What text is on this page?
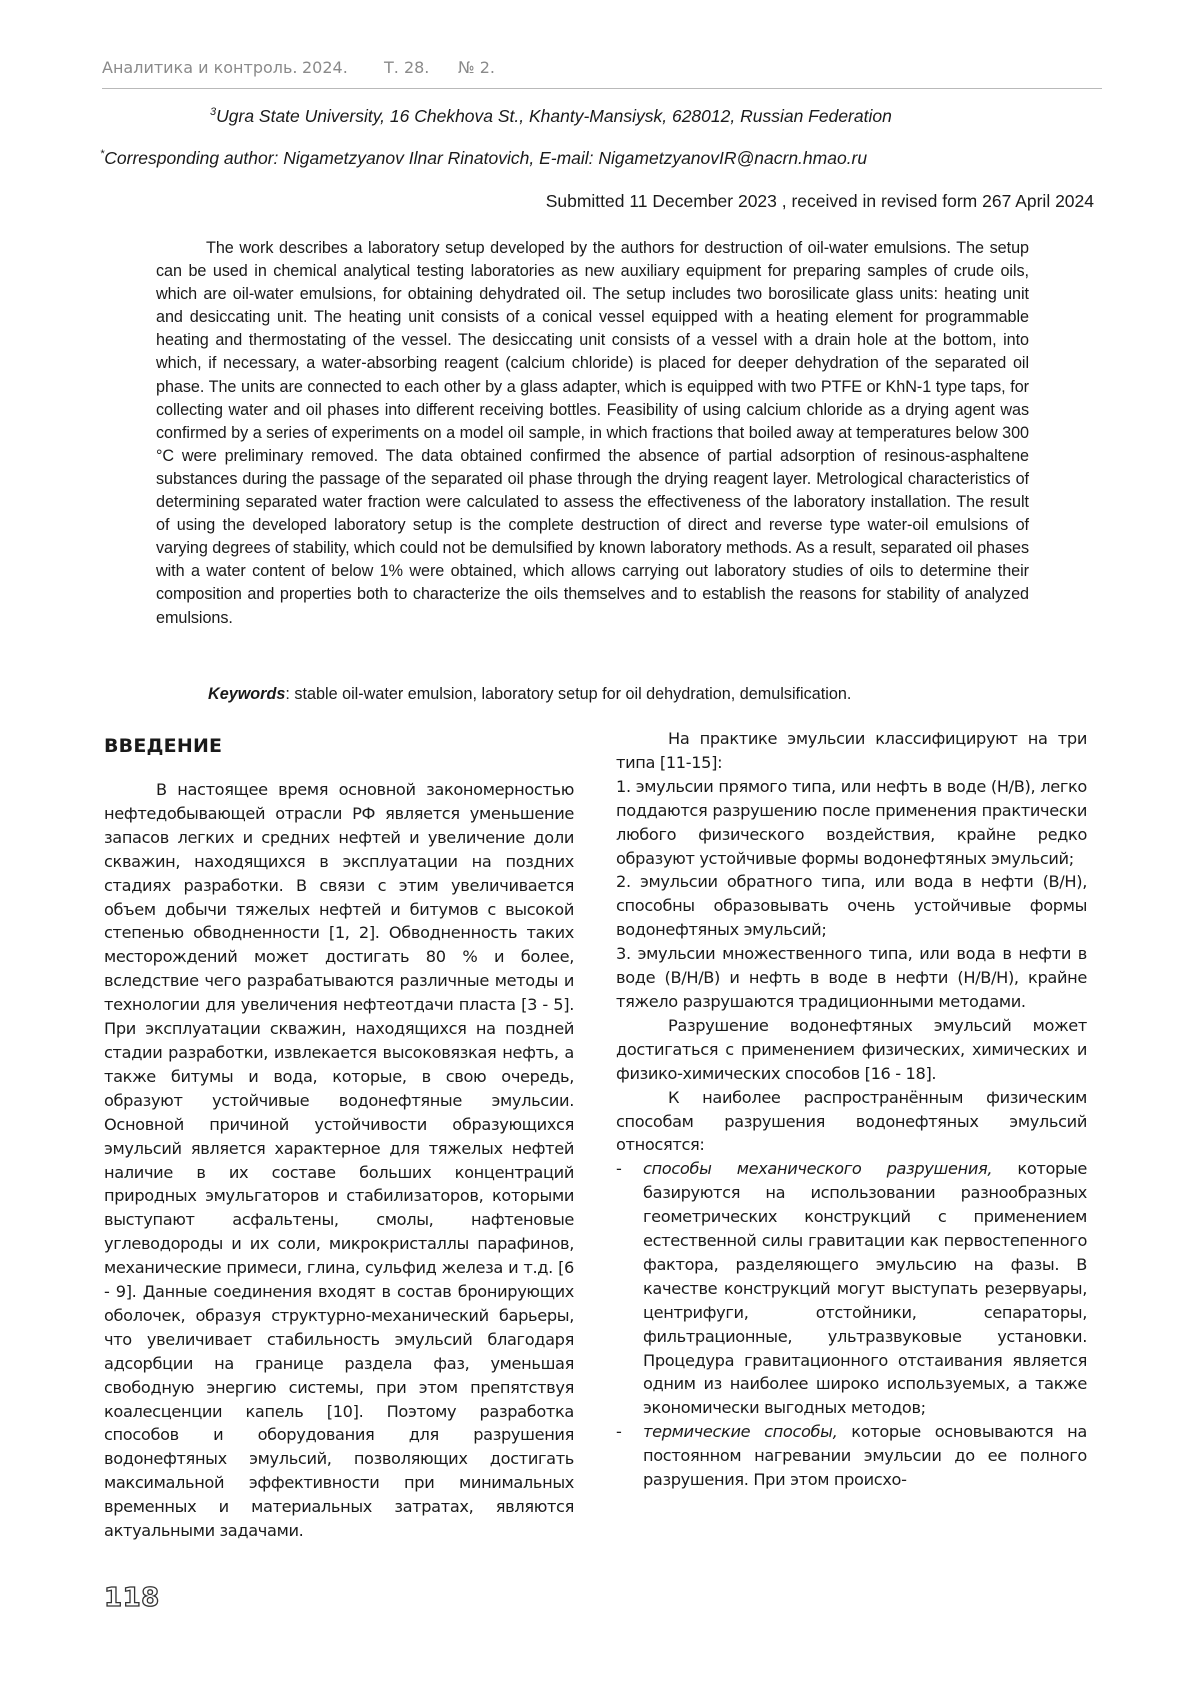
Аналитика и контроль. 2024. Т. 28. № 2.
$^3$Ugra State University, 16 Chekhova St., Khanty-Mansiysk, 628012, Russian Federation
*Corresponding author: Nigametzyanov Ilnar Rinatovich, E-mail: NigametzyanovIR@nacrn.hmao.ru
Submitted 11 December 2023 , received in revised form 267 April 2024
The work describes a laboratory setup developed by the authors for destruction of oil-water emulsions. The setup can be used in chemical analytical testing laboratories as new auxiliary equipment for preparing samples of crude oils, which are oil-water emulsions, for obtaining dehydrated oil. The setup includes two borosilicate glass units: heating unit and desiccating unit. The heating unit consists of a conical vessel equipped with a heating element for programmable heating and thermostating of the vessel. The desiccating unit consists of a vessel with a drain hole at the bottom, into which, if necessary, a water-absorbing reagent (calcium chloride) is placed for deeper dehydration of the separated oil phase. The units are connected to each other by a glass adapter, which is equipped with two PTFE or KhN-1 type taps, for collecting water and oil phases into different receiving bottles. Feasibility of using calcium chloride as a drying agent was confirmed by a series of experiments on a model oil sample, in which fractions that boiled away at temperatures below 300 °C were preliminary removed. The data obtained confirmed the absence of partial adsorption of resinous-asphaltene substances during the passage of the separated oil phase through the drying reagent layer. Metrological characteristics of determining separated water fraction were calculated to assess the effectiveness of the laboratory installation. The result of using the developed laboratory setup is the complete destruction of direct and reverse type water-oil emulsions of varying degrees of stability, which could not be demulsified by known laboratory methods. As a result, separated oil phases with a water content of below 1% were obtained, which allows carrying out laboratory studies of oils to determine their composition and properties both to characterize the oils themselves and to establish the reasons for stability of analyzed emulsions.
Keywords: stable oil-water emulsion, laboratory setup for oil dehydration, demulsification.
ВВЕДЕНИЕ

В настоящее время основной закономерностью нефтедобывающей отрасли РФ является уменьшение запасов легких и средних нефтей и увеличение доли скважин, находящихся в эксплуатации на поздних стадиях разработки. В связи с этим увеличивается объем добычи тяжелых нефтей и битумов с высокой степенью обводненности [1, 2]. Обводненность таких месторождений может достигать 80 % и более, вследствие чего разрабатываются различные методы и технологии для увеличения нефтеотдачи пласта [3 - 5]. При эксплуатации скважин, находящихся на поздней стадии разработки, извлекается высоковязкая нефть, а также битумы и вода, которые, в свою очередь, образуют устойчивые водонефтяные эмульсии. Основной причиной устойчивости образующихся эмульсий является характерное для тяжелых нефтей наличие в их составе больших концентраций природных эмульгаторов и стабилизаторов, которыми выступают асфальтены, смолы, нафтеновые углеводороды и их соли, микрокристаллы парафинов, механические примеси, глина, сульфид железа и т.д. [6 - 9]. Данные соединения входят в состав бронирующих оболочек, образуя структурно-механический барьеры, что увеличивает стабильность эмульсий благодаря адсорбции на границе раздела фаз, уменьшая свободную энергию системы, при этом препятствуя коалесценции капель [10]. Поэтому разработка способов и оборудования для разрушения водонефтяных эмульсий, позволяющих достигать максимальной эффективности при минимальных временных и материальных затратах, являются актуальными задачами.

На практике эмульсии классифицируют на три типа [11-15]:

1. эмульсии прямого типа, или нефть в воде (Н/В), легко поддаются разрушению после применения практически любого физического воздействия, крайне редко образуют устойчивые формы водонефтяных эмульсий;

2. эмульсии обратного типа, или вода в нефти (В/Н), способны образовывать очень устойчивые формы водонефтяных эмульсий;

3. эмульсии множественного типа, или вода в нефти в воде (В/Н/В) и нефть в воде в нефти (Н/В/Н), крайне тяжело разрушаются традиционными методами.

Разрушение водонефтяных эмульсий может достигаться с применением физических, химических и физико-химических способов [16 - 18].

К наиболее распространённым физическим способам разрушения водонефтяных эмульсий относятся:

- способы механического разрушения, которые базируются на использовании разнообразных геометрических конструкций с применением естественной силы гравитации как первостепенного фактора, разделяющего эмульсию на фазы. В качестве конструкций могут выступать резервуары, центрифуги, отстойники, сепараторы, фильтрационные, ультразвуковые установки. Процедура гравитационного отстаивания является одним из наиболее широко используемых, а также экономически выгодных методов;

- термические способы, которые основываются на постоянном нагревании эмульсии до ее полного разрушения. При этом происхо-

118
